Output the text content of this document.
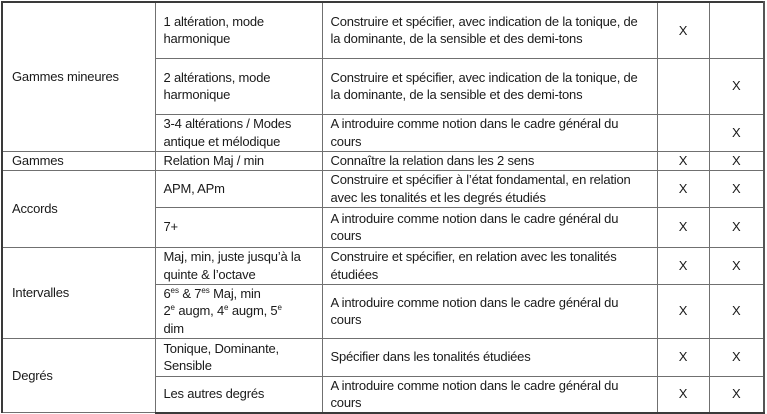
Gammes mineures	1 altération, mode harmonique	Construire et spécifier, avec indication de la tonique, de la dominante, de la sensible et des demi-tons	X	
	2 altérations, mode harmonique	Construire et spécifier, avec indication de la tonique, de la dominante, de la sensible et des demi-tons		X
	3-4 altérations / Modes antique et mélodique	A introduire comme notion dans le cadre général du cours		X
Gammes	Relation Maj / min	Connaître la relation dans les 2 sens	X	X
Accords	APM, APm	Construire et spécifier à l’état fondamental, en relation avec les tonalités et les degrés étudiés	X	X
	7+	A introduire comme notion dans le cadre général du cours	X	X
Intervalles	Maj, min, juste jusqu’à la quinte & l’octave	Construire et spécifier, en relation avec les tonalités étudiées	X	X
	$6^{es}$ & $7^{es}$ Maj, min
2e augm, 4e augm, 5e
dim	A introduire comme notion dans le cadre général du cours	X	X
Degrés	Tonique, Dominante, Sensible	Spécifier dans les tonalités étudiées	X	X
	Les autres degrés	A introduire comme notion dans le cadre général du cours	X	X
